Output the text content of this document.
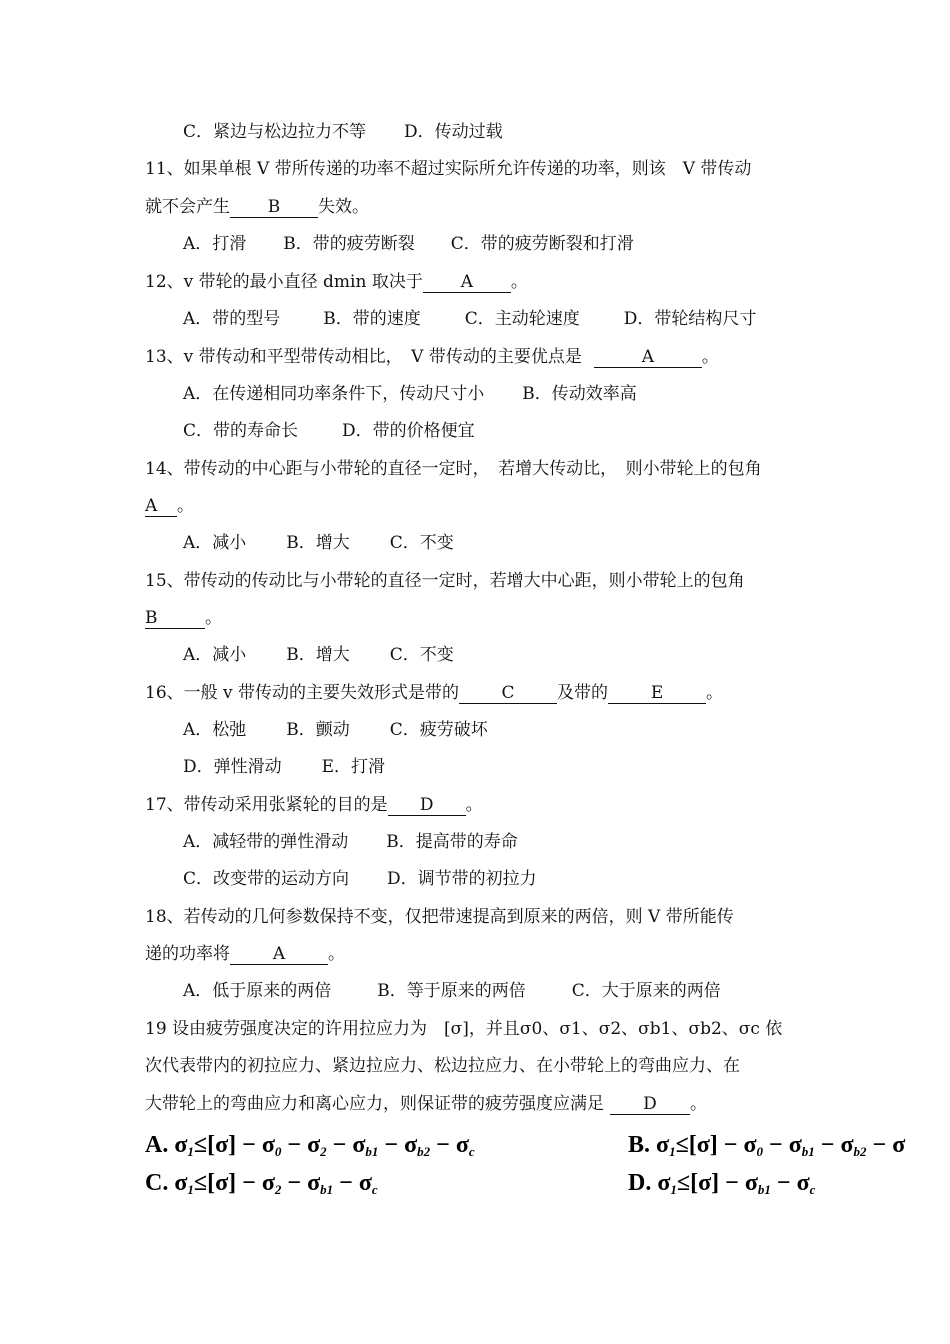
C．紧边与松边拉力不等 D．传动过载
11、如果单根 V 带所传递的功率不超过实际所允许传递的功率，则该　V 带传动
就不会产生 B 失效。
A．打滑 B．带的疲劳断裂 C．带的疲劳断裂和打滑
12、v 带轮的最小直径 dmin 取决于 A 。
A．带的型号	B．带的速度	C．主动轮速度	D．带轮结构尺寸
13、v 带传动和平型带传动相比，　V 带传动的主要优点是	A	。
A．在传递相同功率条件下，传动尺寸小 B．传动效率高
C．带的寿命长	D．带的价格便宜
14、带传动的中心距与小带轮的直径一定时，　若增大传动比，　则小带轮上的包角
A 。
A．减小 B．增大 C．不变
15、带传动的传动比与小带轮的直径一定时，若增大中心距，则小带轮上的包角
B	。
A．减小 B．增大 C．不变
16、一般 v 带传动的主要失效形式是带的 C	及带的	E	。
A．松弛 B．颤动 C．疲劳破坏
D．弹性滑动 E．打滑
17、带传动采用张紧轮的目的是 D 。
A．减轻带的弹性滑动 B．提高带的寿命
C．改变带的运动方向 D．调节带的初拉力
18、若传动的几何参数保持不变，仅把带速提高到原来的两倍，则 V 带所能传
递的功率将	A	。
A．低于原来的两倍	B．等于原来的两倍	C．大于原来的两倍
19 设由疲劳强度决定的许用拉应力为　[σ]，并且σ0、σ1、σ2、σb1、σb2、σc 依
次代表带内的初拉应力、紧边拉应力、松边拉应力、在小带轮上的弯曲应力、在
大带轮上的弯曲应力和离心应力，则保证带的疲劳强度应满足 D 。
A. $\sigma_1\le[\sigma] - \sigma_0 - \sigma_2 - \sigma_{b1} - \sigma_{b2} - \sigma_c$	B. $\sigma_1\le[\sigma] - \sigma_0 - \sigma_{b1} - \sigma_{b2} - \sigma$
C. $\sigma_1\le[\sigma] - \sigma_2 - \sigma_{b1} - \sigma_c$	D. $\sigma_1\le[\sigma] - \sigma_{b1} - \sigma_c$
